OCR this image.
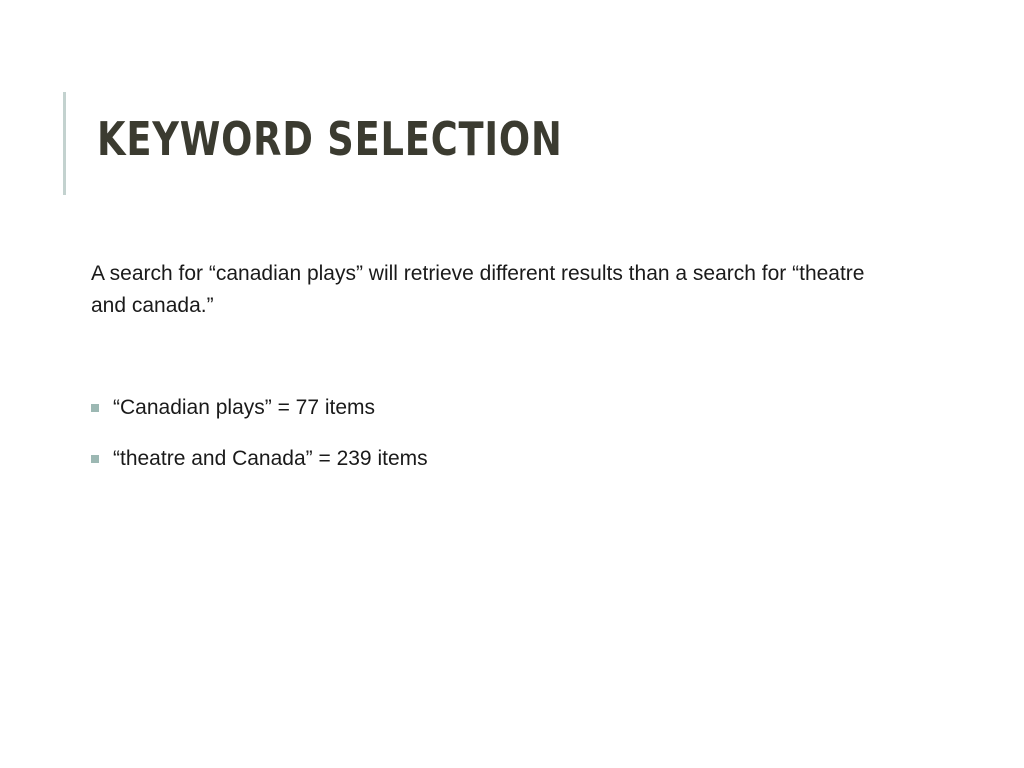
KEYWORD SELECTION

A search for “canadian plays” will retrieve different results than a search for “theatre and canada.”

“Canadian plays” = 77 items
“theatre and Canada” = 239 items
